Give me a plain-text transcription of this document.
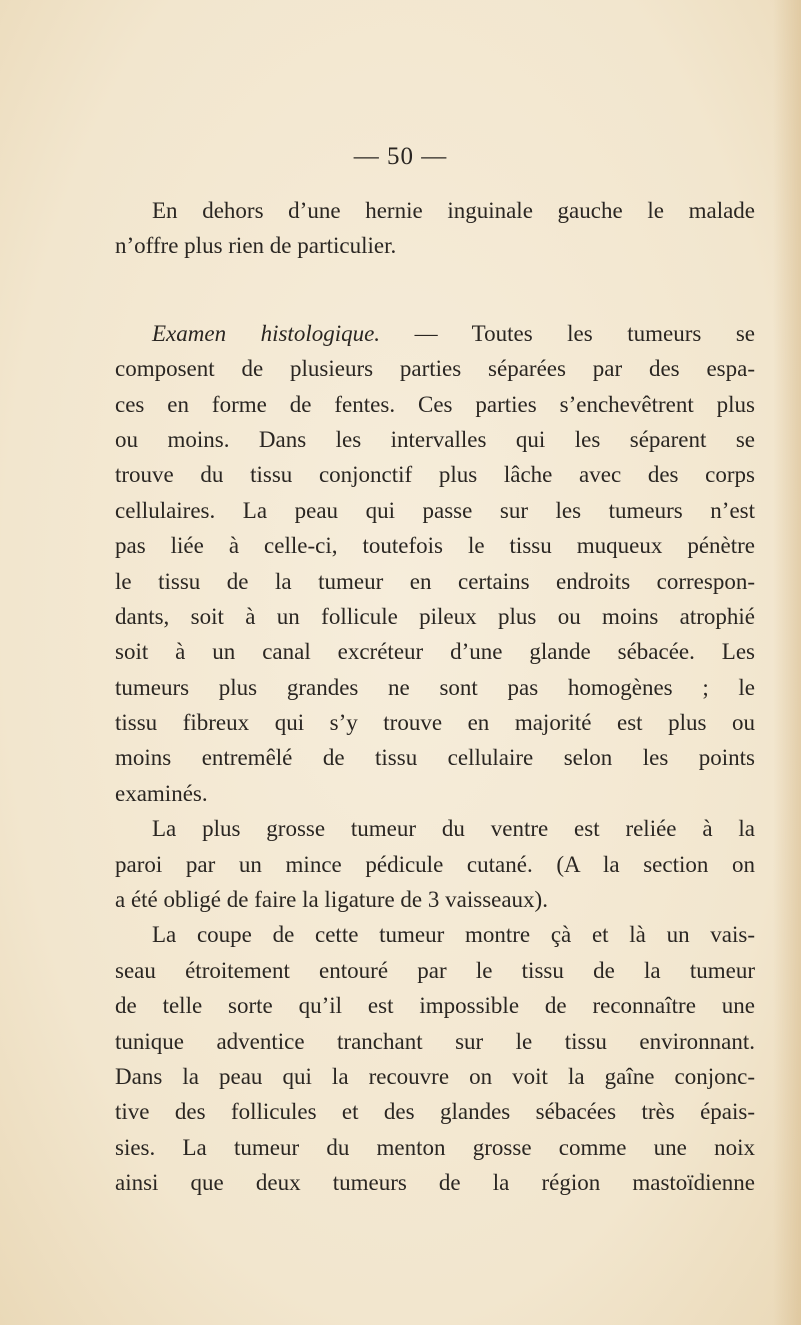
— 50 —
En dehors d’une hernie inguinale gauche le malade
n’offre plus rien de particulier.
Examen histologique. — Toutes les tumeurs se
composent de plusieurs parties séparées par des espa-
ces en forme de fentes. Ces parties s’enchevêtrent plus
ou moins. Dans les intervalles qui les séparent se
trouve du tissu conjonctif plus lâche avec des corps
cellulaires. La peau qui passe sur les tumeurs n’est
pas liée à celle-ci, toutefois le tissu muqueux pénètre
le tissu de la tumeur en certains endroits correspon-
dants, soit à un follicule pileux plus ou moins atrophié
soit à un canal excréteur d’une glande sébacée. Les
tumeurs plus grandes ne sont pas homogènes ; le
tissu fibreux qui s’y trouve en majorité est plus ou
moins entremêlé de tissu cellulaire selon les points
examinés.
La plus grosse tumeur du ventre est reliée à la
paroi par un mince pédicule cutané. (A la section on
a été obligé de faire la ligature de 3 vaisseaux).
La coupe de cette tumeur montre çà et là un vais-
seau étroitement entouré par le tissu de la tumeur
de telle sorte qu’il est impossible de reconnaître une
tunique adventice tranchant sur le tissu environnant.
Dans la peau qui la recouvre on voit la gaîne conjonc-
tive des follicules et des glandes sébacées très épais-
sies. La tumeur du menton grosse comme une noix
ainsi que deux tumeurs de la région mastoïdienne
